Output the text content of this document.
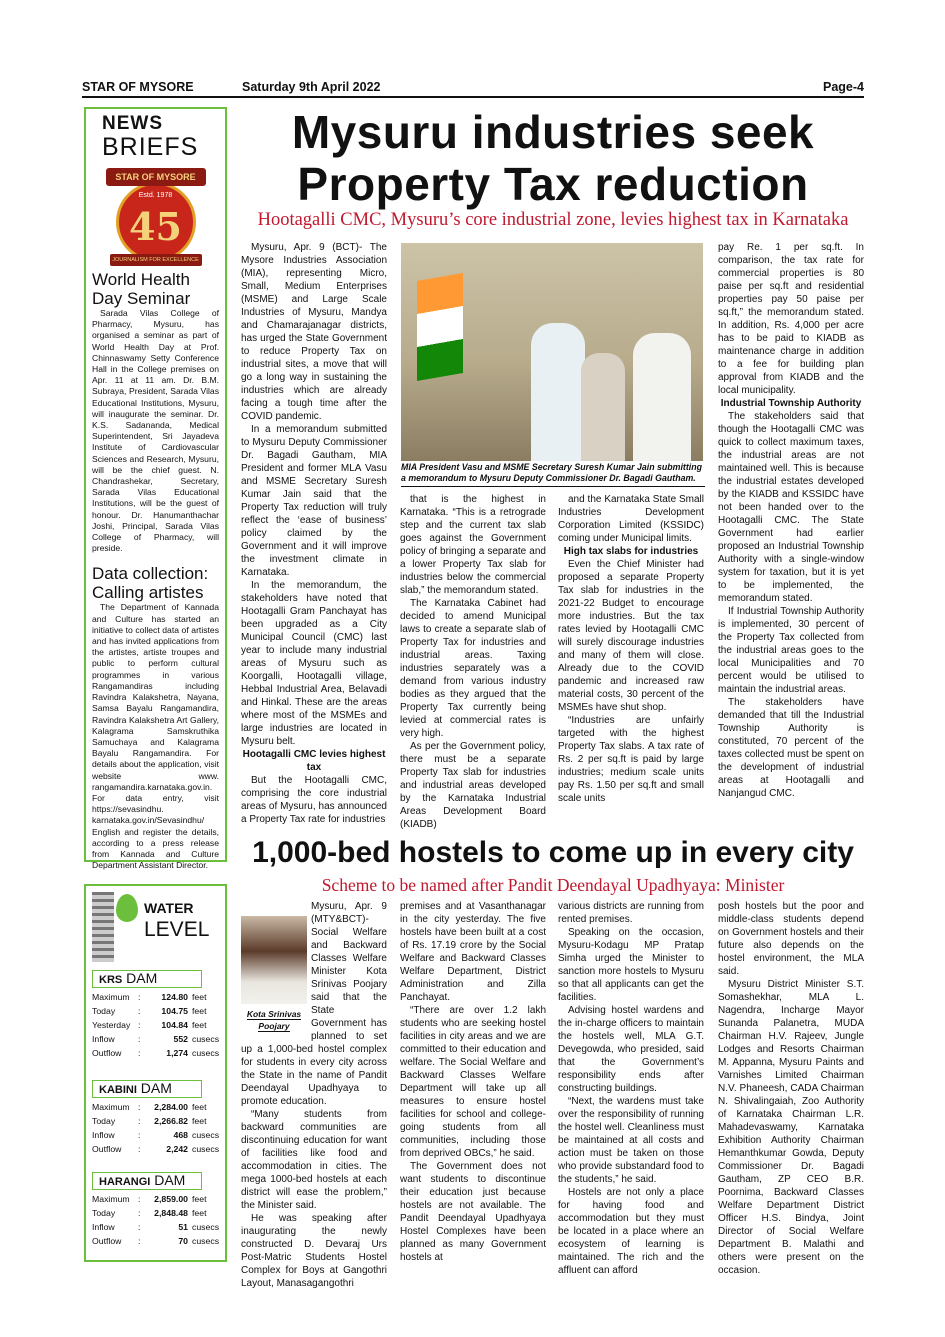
STAR OF MYSORE	Saturday 9th April 2022	Page-4
NEWS
BRIEFS
STAR OF MYSORE
Estd. 1978
45
JOURNALISM FOR EXCELLENCE
World Health
Day Seminar

Sarada Vilas College of Pharmacy, Mysuru, has organised a seminar as part of World Health Day at Prof. Chinnaswamy Setty Conference Hall in the College premises on Apr. 11 at 11 am. Dr. B.M. Subraya, President, Sarada Vilas Educational Institutions, Mysuru, will inaugurate the seminar. Dr. K.S. Sadananda, Medical Superintendent, Sri Jayadeva Institute of Cardiovascular Sciences and Research, Mysuru, will be the chief guest. N. Chandrashekar, Secretary, Sarada Vilas Educational Institutions, will be the guest of honour. Dr. Hanumanthachar Joshi, Principal, Sarada Vilas College of Pharmacy, will preside.

Data collection:
Calling artistes

The Department of Kannada and Culture has started an initiative to collect data of artistes and has invited applications from the artistes, artiste troupes and public to perform cultural programmes in various Rangamandiras including Ravindra Kalakshetra, Nayana, Samsa Bayalu Rangamandira, Ravindra Kalakshetra Art Gallery, Kalagrama Samskruthika Samuchaya and Kalagrama Bayalu Rangamandira. For details about the application, visit website www. rangamandira.karnataka.gov.in. For data entry, visit https://sevasindhu. karnataka.gov.in/Sevasindhu/ English and register the details, according to a press release from Kannada and Culture Department Assistant Director.

WATER
LEVEL
KRS DAM
Maximum	:	124.80	feet
Today	:	104.75	feet
Yesterday	:	104.84	feet
Inflow	:	552	cusecs
Outflow	:	1,274	cusecs
KABINI DAM
Maximum	:	2,284.00	feet
Today	:	2,266.82	feet
Inflow	:	468	cusecs
Outflow	:	2,242	cusecs
HARANGI DAM
Maximum	:	2,859.00	feet
Today	:	2,848.48	feet
Inflow	:	51	cusecs
Outflow	:	70	cusecs
Mysuru industries seek
Property Tax reduction
Hootagalli CMC, Mysuru’s core industrial zone, levies highest tax in Karnataka

Mysuru, Apr. 9 (BCT)- The Mysore Industries Association (MIA), representing Micro, Small, Medium Enterprises (MSME) and Large Scale Industries of Mysuru, Mandya and Chamarajanagar districts, has urged the State Government to reduce Property Tax on industrial sites, a move that will go a long way in sustaining the industries which are already facing a tough time after the COVID pandemic.

In a memorandum submitted to Mysuru Deputy Commissioner Dr. Bagadi Gautham, MIA President and former MLA Vasu and MSME Secretary Suresh Kumar Jain said that the Property Tax reduction will truly reflect the ‘ease of business’ policy claimed by the Government and it will improve the investment climate in Karnataka.

In the memorandum, the stakeholders have noted that Hootagalli Gram Panchayat has been upgraded as a City Municipal Council (CMC) last year to include many industrial areas of Mysuru such as Koorgalli, Hootagalli village, Hebbal Industrial Area, Belavadi and Hinkal. These are the areas where most of the MSMEs and large industries are located in Mysuru belt.

Hootagalli CMC levies highest tax

But the Hootagalli CMC, comprising the core industrial areas of Mysuru, has announced a Property Tax rate for industries

MIA President Vasu and MSME Secretary Suresh Kumar Jain submitting a memorandum to Mysuru Deputy Commissioner Dr. Bagadi Gautham.

that is the highest in Karnataka. “This is a retrograde step and the current tax slab goes against the Government policy of bringing a separate and a lower Property Tax slab for industries below the commercial slab,” the memorandum stated.

The Karnataka Cabinet had decided to amend Municipal laws to create a separate slab of Property Tax for industries and industrial areas. Taxing industries separately was a demand from various industry bodies as they argued that the Property Tax currently being levied at commercial rates is very high.

As per the Government policy, there must be a separate Property Tax slab for industries and industrial areas developed by the Karnataka Industrial Areas Development Board (KIADB)

and the Karnataka State Small Industries Development Corporation Limited (KSSIDC) coming under Municipal limits.

High tax slabs for industries

Even the Chief Minister had proposed a separate Property Tax slab for industries in the 2021-22 Budget to encourage more industries. But the tax rates levied by Hootagalli CMC will surely discourage industries and many of them will close. Already due to the COVID pandemic and increased raw material costs, 30 percent of the MSMEs have shut shop.

“Industries are unfairly targeted with the highest Property Tax slabs. A tax rate of Rs. 2 per sq.ft is paid by large industries; medium scale units pay Rs. 1.50 per sq.ft and small scale units

pay Re. 1 per sq.ft. In comparison, the tax rate for commercial properties is 80 paise per sq.ft and residential properties pay 50 paise per sq.ft,” the memorandum stated. In addition, Rs. 4,000 per acre has to be paid to KIADB as maintenance charge in addition to a fee for building plan approval from KIADB and the local municipality.

Industrial Township Authority

The stakeholders said that though the Hootagalli CMC was quick to collect maximum taxes, the industrial areas are not maintained well. This is because the industrial estates developed by the KIADB and KSSIDC have not been handed over to the Hootagalli CMC. The State Government had earlier proposed an Industrial Township Authority with a single-window system for taxation, but it is yet to be implemented, the memorandum stated.

If Industrial Township Authority is implemented, 30 percent of the Property Tax collected from the industrial areas goes to the local Municipalities and 70 percent would be utilised to maintain the industrial areas.

The stakeholders have demanded that till the Industrial Township Authority is constituted, 70 percent of the taxes collected must be spent on the development of industrial areas at Hootagalli and Nanjangud CMC.

1,000-bed hostels to come up in every city
Scheme to be named after Pandit Deendayal Upadhyaya: Minister
Kota Srinivas Poojary

Mysuru, Apr. 9 (MTY&BCT)- Social Welfare and Backward Classes Welfare Minister Kota Srinivas Poojary said that the State Government has planned to set up a 1,000-bed hostel complex for students in every city across the State in the name of Pandit Deendayal Upadhyaya to promote education.

“Many students from backward communities are discontinuing education for want of facilities like food and accommodation in cities. The mega 1000-bed hostels at each district will ease the problem,” the Minister said.

He was speaking after inaugurating the newly constructed D. Devaraj Urs Post-Matric Students Hostel Complex for Boys at Gangothri Layout, Manasagangothri

premises and at Vasanthanagar in the city yesterday. The five hostels have been built at a cost of Rs. 17.19 crore by the Social Welfare and Backward Classes Welfare Department, District Administration and Zilla Panchayat.

“There are over 1.2 lakh students who are seeking hostel facilities in city areas and we are committed to their education and welfare. The Social Welfare and Backward Classes Welfare Department will take up all measures to ensure hostel facilities for school and college-going students from all communities, including those from deprived OBCs,” he said.

The Government does not want students to discontinue their education just because hostels are not available. The Pandit Deendayal Upadhyaya Hostel Complexes have been planned as many Government hostels at

various districts are running from rented premises.

Speaking on the occasion, Mysuru-Kodagu MP Pratap Simha urged the Minister to sanction more hostels to Mysuru so that all applicants can get the facilities.

Advising hostel wardens and the in-charge officers to maintain the hostels well, MLA G.T. Devegowda, who presided, said that the Government’s responsibility ends after constructing buildings.

“Next, the wardens must take over the responsibility of running the hostel well. Cleanliness must be maintained at all costs and action must be taken on those who provide substandard food to the students,” he said.

Hostels are not only a place for having food and accommodation but they must be located in a place where an ecosystem of learning is maintained. The rich and the affluent can afford

posh hostels but the poor and middle-class students depend on Government hostels and their future also depends on the hostel environment, the MLA said.

Mysuru District Minister S.T. Somashekhar, MLA L. Nagendra, Incharge Mayor Sunanda Palanetra, MUDA Chairman H.V. Rajeev, Jungle Lodges and Resorts Chairman M. Appanna, Mysuru Paints and Varnishes Limited Chairman N.V. Phaneesh, CADA Chairman N. Shivalingaiah, Zoo Authority of Karnataka Chairman L.R. Mahadevaswamy, Karnataka Exhibition Authority Chairman Hemanthkumar Gowda, Deputy Commissioner Dr. Bagadi Gautham, ZP CEO B.R. Poornima, Backward Classes Welfare Department District Officer H.S. Bindya, Joint Director of Social Welfare Department B. Malathi and others were present on the occasion.
